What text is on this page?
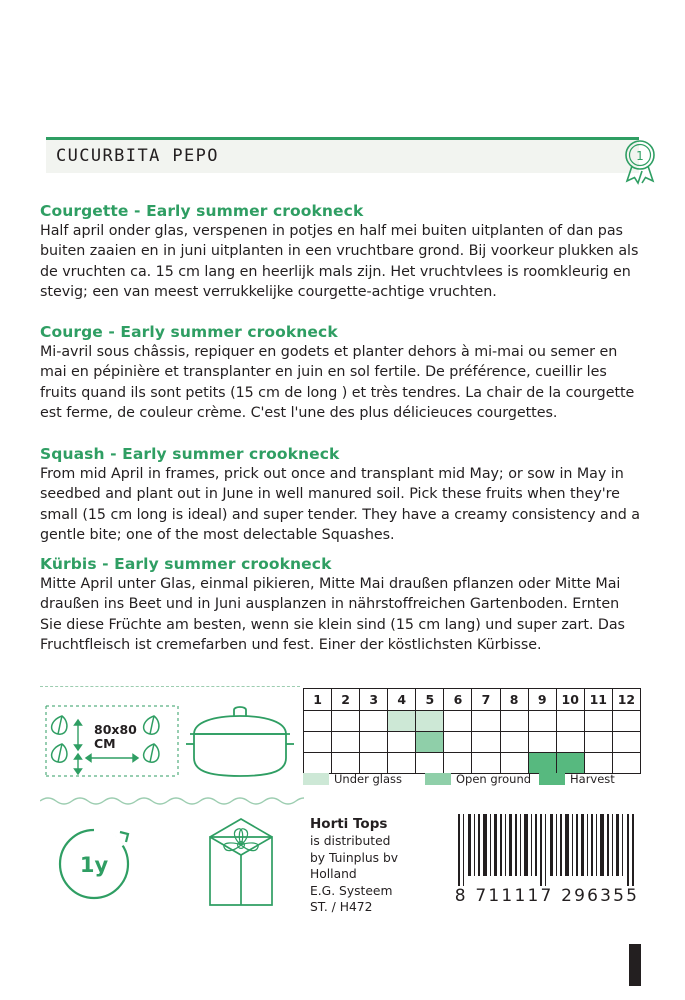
CUCURBITA PEPO	1
Courgette - Early summer crookneck

Half april onder glas, verspenen in potjes en half mei buiten uitplanten of dan pas buiten zaaien en in juni uitplanten in een vruchtbare grond. Bij voorkeur plukken als de vruchten ca. 15 cm lang en heerlijk mals zijn. Het vruchtvlees is roomkleurig en stevig; een van meest verrukkelijke courgette-achtige vruchten.

Courge - Early summer crookneck

Mi-avril sous châssis, repiquer en godets et planter dehors à mi-mai ou semer en mai en pépinière et transplanter en juin en sol fertile. De préférence, cueillir les fruits quand ils sont petits (15 cm de long ) et très tendres. La chair de la courgette est ferme, de couleur crème. C'est l'une des plus délicieuces courgettes.

Squash - Early summer crookneck

From mid April in frames, prick out once and transplant mid May; or sow in May in seedbed and plant out in June in well manured soil. Pick these fruits when they're small (15 cm long is ideal) and super tender. They have a creamy consistency and a gentle bite; one of the most delectable Squashes.

Kürbis - Early summer crookneck

Mitte April unter Glas, einmal pikieren, Mitte Mai draußen pflanzen oder Mitte Mai draußen ins Beet und in Juni ausplanzen in nährstoffreichen Gartenboden. Ernten Sie diese Früchte am besten, wenn sie klein sind (15 cm lang) und super zart. Das Fruchtfleisch ist cremefarben und fest. Einer der köstlichsten Kürbisse.

80x80
CM
1y
1	2	3	4	5	6	7	8	9	10	11	12

Under glass	Open ground	Harvest
Horti Tops
is distributed
by Tuinplus bv
Holland
E.G. Systeem
ST. / H472
8 711117 296355
